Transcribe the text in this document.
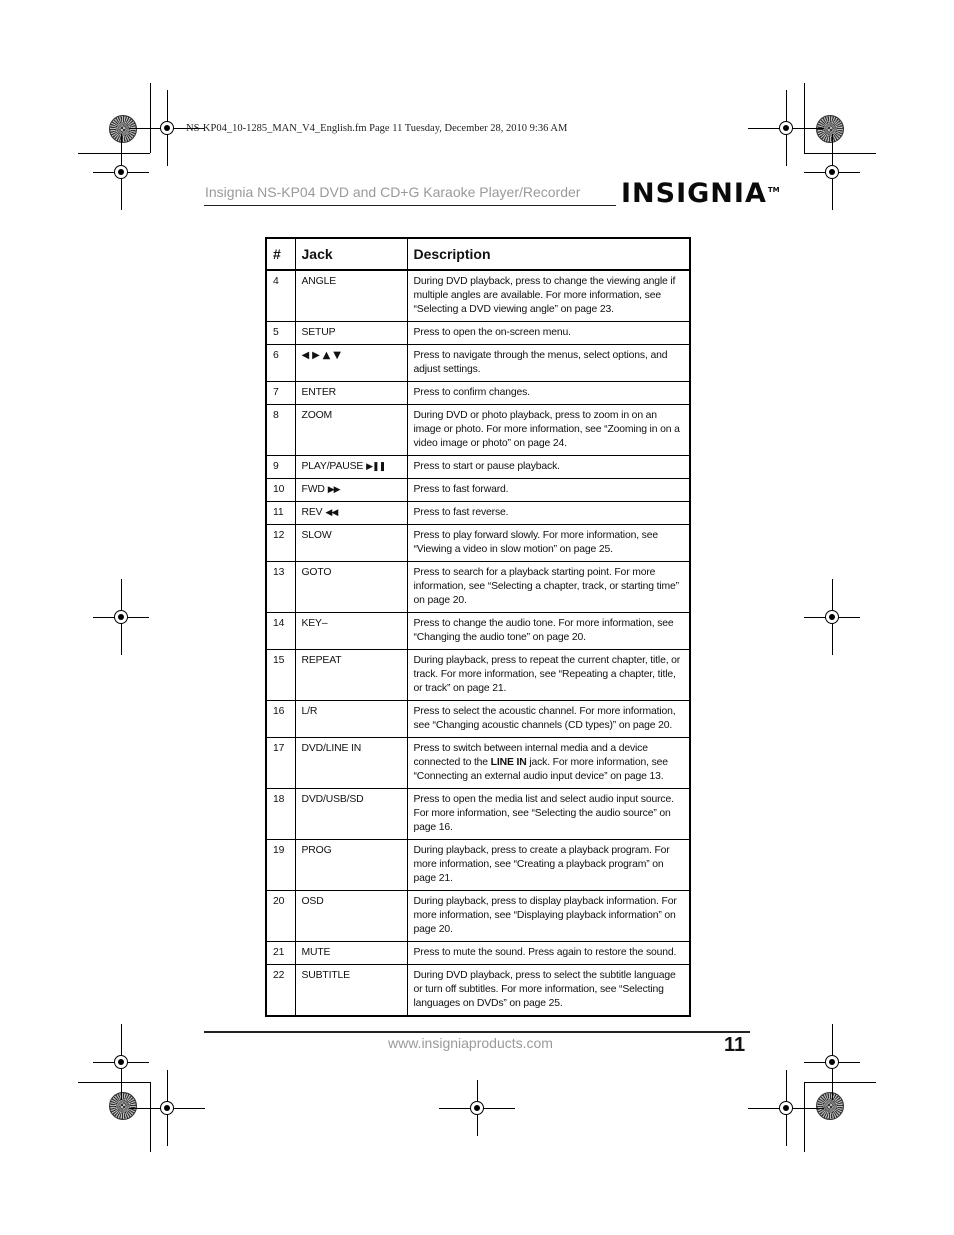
NS-KP04_10-1285_MAN_V4_English.fm Page 11 Tuesday, December 28, 2010 9:36 AM
Insignia NS-KP04 DVD and CD+G Karaoke Player/Recorder INSIGNIA™
#	Jack	Description
4	ANGLE	During DVD playback, press to change the viewing angle if multiple angles are available. For more information, see “Selecting a DVD viewing angle” on page 23.
5	SETUP	Press to open the on-screen menu.
6	◀ ▶ ▲ ▼	Press to navigate through the menus, select options, and adjust settings.
7	ENTER	Press to confirm changes.
8	ZOOM	During DVD or photo playback, press to zoom in on an image or photo. For more information, see “Zooming in on a video image or photo” on page 24.
9	PLAY/PAUSE ▶❚❚	Press to start or pause playback.
10	FWD ▶▶	Press to fast forward.
11	REV ◀◀	Press to fast reverse.
12	SLOW	Press to play forward slowly. For more information, see “Viewing a video in slow motion” on page 25.
13	GOTO	Press to search for a playback starting point. For more information, see “Selecting a chapter, track, or starting time” on page 20.
14	KEY–	Press to change the audio tone. For more information, see “Changing the audio tone” on page 20.
15	REPEAT	During playback, press to repeat the current chapter, title, or track. For more information, see “Repeating a chapter, title, or track” on page 21.
16	L/R	Press to select the acoustic channel. For more information, see “Changing acoustic channels (CD types)” on page 20.
17	DVD/LINE IN	Press to switch between internal media and a device connected to the LINE IN jack. For more information, see “Connecting an external audio input device” on page 13.
18	DVD/USB/SD	Press to open the media list and select audio input source. For more information, see “Selecting the audio source” on page 16.
19	PROG	During playback, press to create a playback program. For more information, see “Creating a playback program” on page 21.
20	OSD	During playback, press to display playback information. For more information, see “Displaying playback information” on page 20.
21	MUTE	Press to mute the sound. Press again to restore the sound.
22	SUBTITLE	During DVD playback, press to select the subtitle language or turn off subtitles. For more information, see “Selecting languages on DVDs” on page 25.
www.insigniaproducts.com	11
